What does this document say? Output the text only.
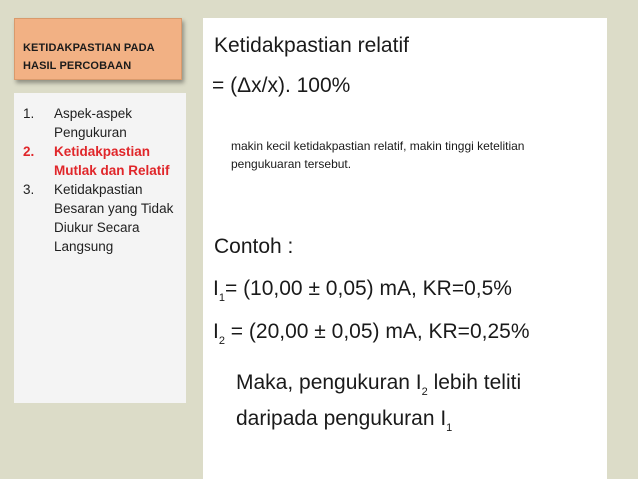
KETIDAKPASTIAN PADA HASIL PERCOBAAN
1. Aspek-aspek Pengukuran
2. Ketidakpastian Mutlak dan Relatif
3. Ketidakpastian Besaran yang Tidak Diukur Secara Langsung
Ketidakpastian relatif
= (Δx/x). 100%
makin kecil ketidakpastian relatif, makin tinggi ketelitian pengukuaran tersebut.
Contoh :
$I_1= (10,00 \pm 0,05)$ mA, KR=0,5%
$I_2 = (20,00 \pm 0,05)$ mA, KR=0,25%
Maka, pengukuran $I_2$ lebih teliti
daripada pengukuran $I_1$
